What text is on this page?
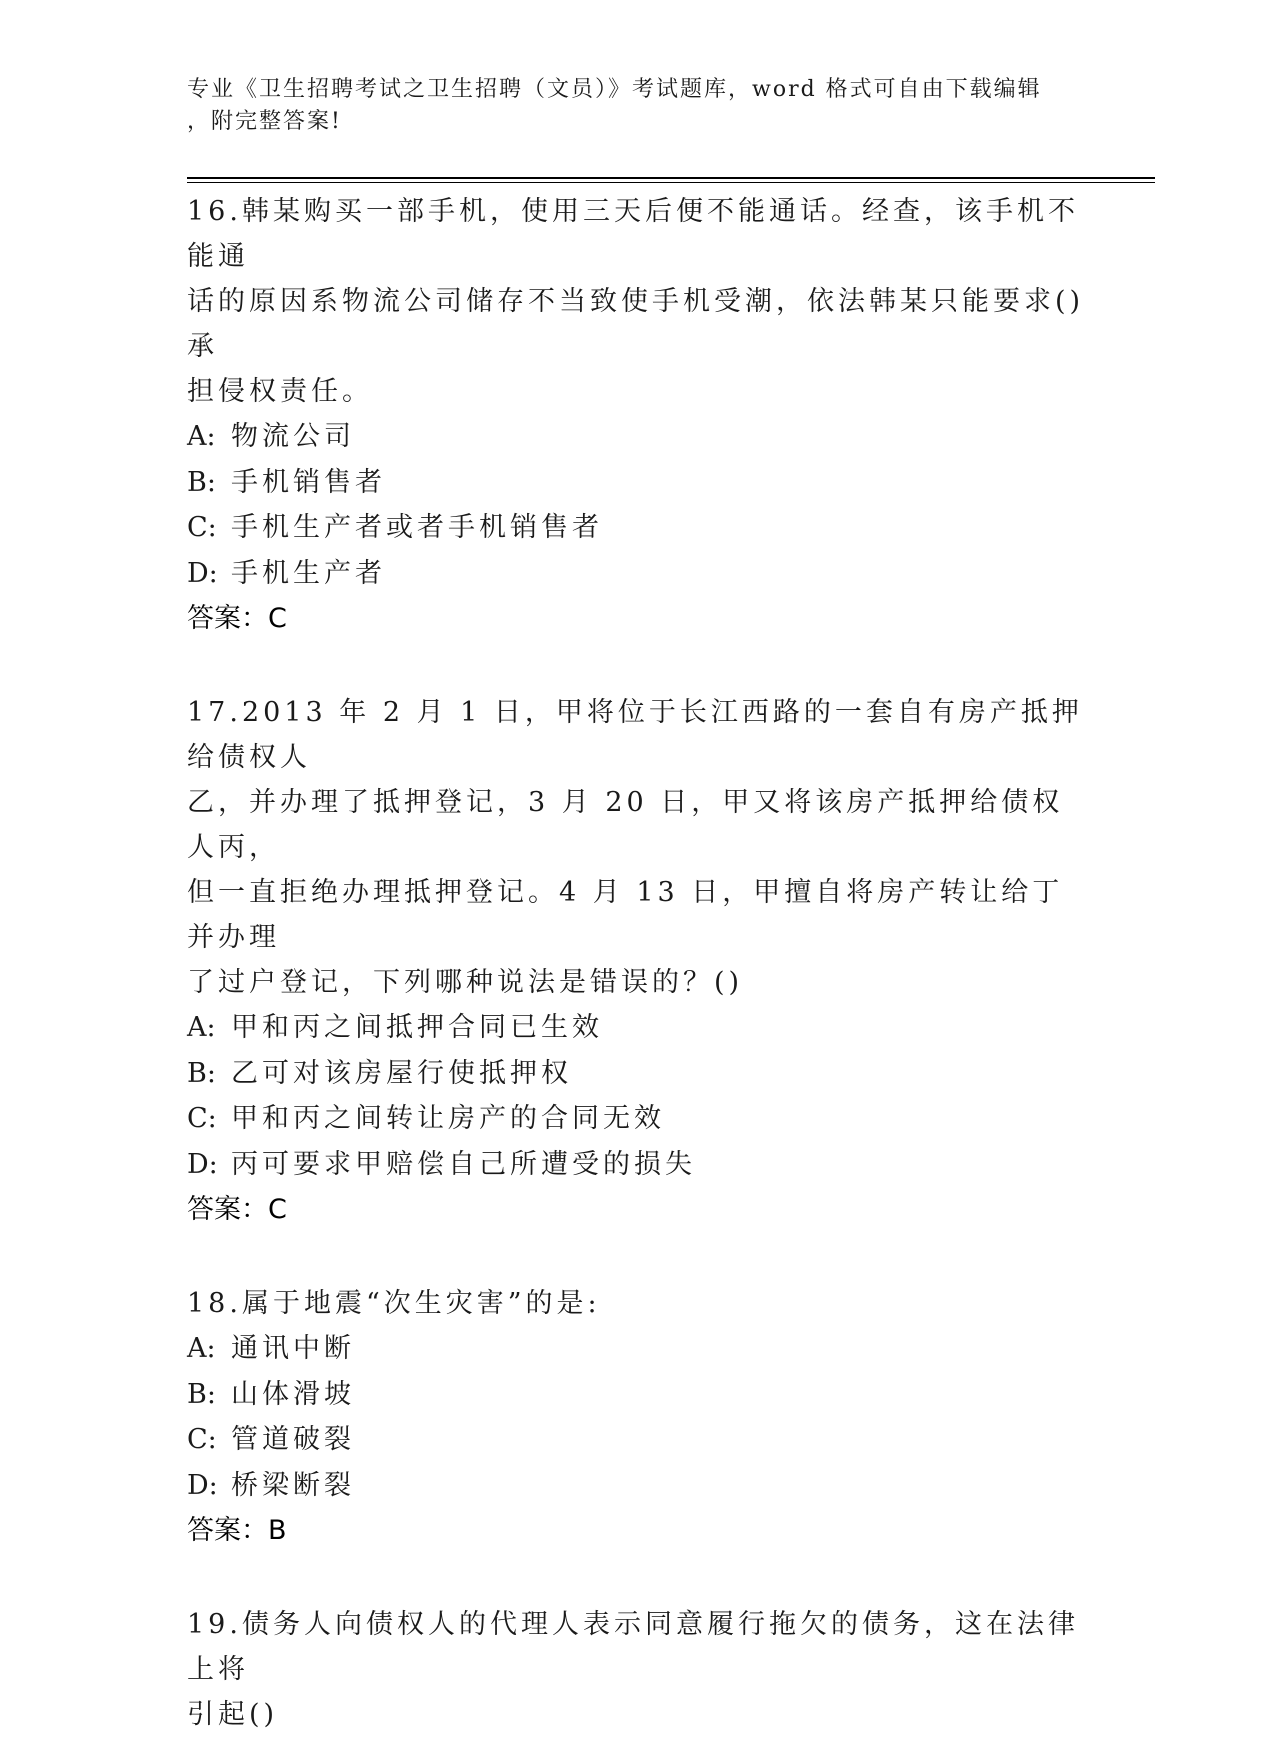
专业《卫生招聘考试之卫生招聘（文员）》考试题库，word 格式可自由下载编辑
，附完整答案!

16.韩某购买一部手机，使用三天后便不能通话。经查，该手机不能通
话的原因系物流公司储存不当致使手机受潮，依法韩某只能要求()承
担侵权责任。

A: 物流公司

B: 手机销售者

C: 手机生产者或者手机销售者

D: 手机生产者

答案：C

17.2013 年 2 月 1 日，甲将位于长江西路的一套自有房产抵押给债权人
乙，并办理了抵押登记，3 月 20 日，甲又将该房产抵押给债权人丙，
但一直拒绝办理抵押登记。4 月 13 日，甲擅自将房产转让给丁并办理
了过户登记，下列哪种说法是错误的？()

A: 甲和丙之间抵押合同已生效

B: 乙可对该房屋行使抵押权

C: 甲和丙之间转让房产的合同无效

D: 丙可要求甲赔偿自己所遭受的损失

答案：C

18.属于地震“次生灾害”的是:

A: 通讯中断

B: 山体滑坡

C: 管道破裂

D: 桥梁断裂

答案：B

19.债务人向债权人的代理人表示同意履行拖欠的债务，这在法律上将
引起()
